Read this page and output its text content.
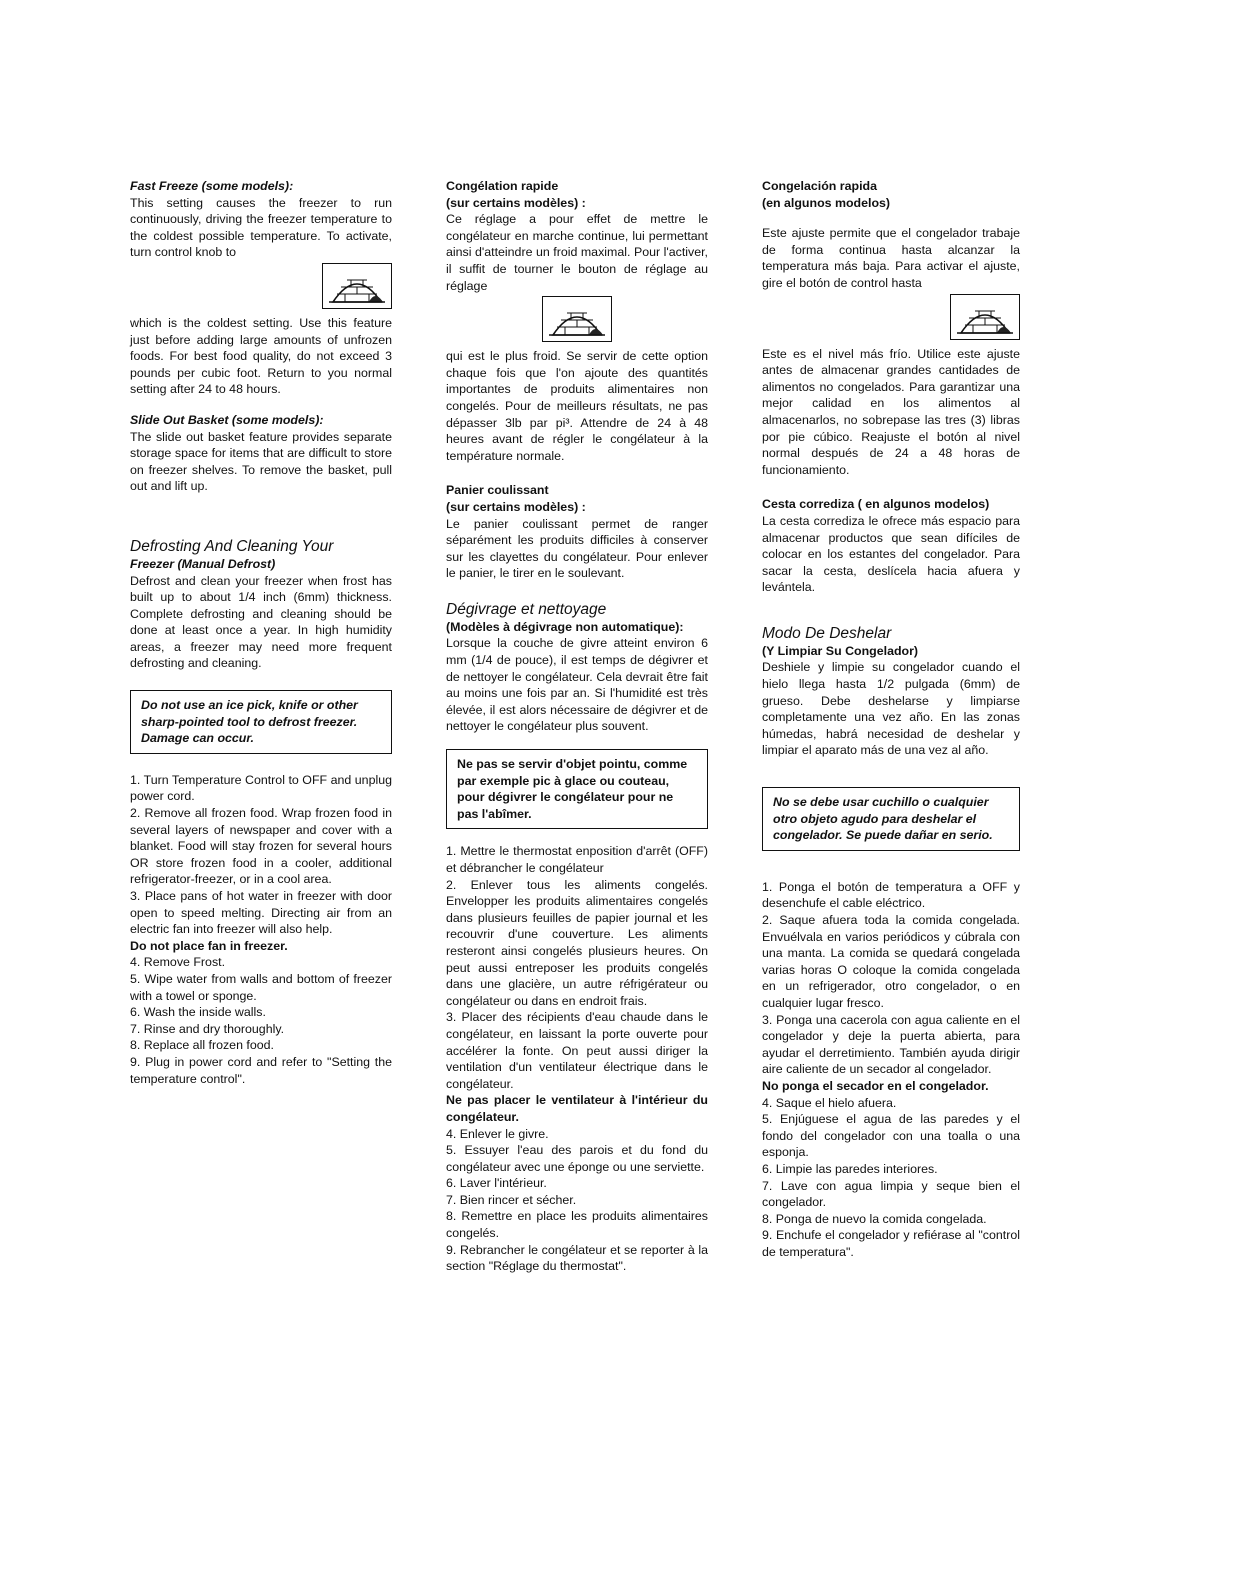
Fast Freeze (some models):

This setting causes the freezer to run continuously, driving the freezer temperature to the coldest possible temperature. To activate, turn control knob to

which is the coldest setting. Use this feature just before adding large amounts of unfrozen foods. For best food quality, do not exceed 3 pounds per cubic foot. Return to you normal setting after 24 to 48 hours.

Slide Out Basket (some models):

The slide out basket feature provides separate storage space for items that are difficult to store on freezer shelves. To remove the basket, pull out and lift up.

Defrosting And Cleaning Your
Freezer (Manual Defrost)

Defrost and clean your freezer when frost has built up to about 1/4 inch (6mm) thickness. Complete defrosting and cleaning should be done at least once a year. In high humidity areas, a freezer may need more frequent defrosting and cleaning.

Do not use an ice pick, knife or other sharp-pointed tool to defrost freezer. Damage can occur.
1. Turn Temperature Control to OFF and unplug power cord.
2. Remove all frozen food. Wrap frozen food in several layers of newspaper and cover with a blanket. Food will stay frozen for several hours OR store frozen food in a cooler, additional refrigerator-freezer, or in a cool area.
3. Place pans of hot water in freezer with door open to speed melting. Directing air from an electric fan into freezer will also help.
Do not place fan in freezer.
4. Remove Frost.
5. Wipe water from walls and bottom of freezer with a towel or sponge.
6. Wash the inside walls.
7. Rinse and dry thoroughly.
8. Replace all frozen food.
9. Plug in power cord and refer to "Setting the temperature control".
Congélation rapide
(sur certains modèles) :

Ce réglage a pour effet de mettre le congélateur en marche continue, lui permettant ainsi d'atteindre un froid maximal. Pour l'activer, il suffit de tourner le bouton de réglage au réglage

qui est le plus froid. Se servir de cette option chaque fois que l'on ajoute des quantités importantes de produits alimentaires non congelés. Pour de meilleurs résultats, ne pas dépasser 3lb par pi³. Attendre de 24 à 48 heures avant de régler le congélateur à la température normale.

Panier coulissant
(sur certains modèles) :

Le panier coulissant permet de ranger séparément les produits difficiles à conserver sur les clayettes du congélateur. Pour enlever le panier, le tirer en le soulevant.

Dégivrage et nettoyage
(Modèles à dégivrage non automatique):

Lorsque la couche de givre atteint environ 6 mm (1/4 de pouce), il est temps de dégivrer et de nettoyer le congélateur. Cela devrait être fait au moins une fois par an. Si l'humidité est très élevée, il est alors nécessaire de dégivrer et de nettoyer le congélateur plus souvent.

Ne pas se servir d'objet pointu, comme par exemple pic à glace ou couteau, pour dégivrer le congélateur pour ne pas l'abîmer.
1. Mettre le thermostat enposition d'arrêt (OFF) et débrancher le congélateur
2. Enlever tous les aliments congelés. Envelopper les produits alimentaires congelés dans plusieurs feuilles de papier journal et les recouvrir d'une couverture. Les aliments resteront ainsi congelés plusieurs heures. On peut aussi entreposer les produits congelés dans une glacière, un autre réfrigérateur ou congélateur ou dans en endroit frais.
3. Placer des récipients d'eau chaude dans le congélateur, en laissant la porte ouverte pour accélérer la fonte. On peut aussi diriger la ventilation d'un ventilateur électrique dans le congélateur.
Ne pas placer le ventilateur à l'intérieur du congélateur.
4. Enlever le givre.
5. Essuyer l'eau des parois et du fond du congélateur avec une éponge ou une serviette.
6. Laver l'intérieur.
7. Bien rincer et sécher.
8. Remettre en place les produits alimentaires congelés.
9. Rebrancher le congélateur et se reporter à la section "Réglage du thermostat".
Congelación rapida
(en algunos modelos)

Este ajuste permite que el congelador trabaje de forma continua hasta alcanzar la temperatura más baja. Para activar el ajuste, gire el botón de control hasta

Este es el nivel más frío. Utilice este ajuste antes de almacenar grandes cantidades de alimentos no congelados. Para garantizar una mejor calidad en los alimentos al almacenarlos, no sobrepase las tres (3) libras por pie cúbico. Reajuste el botón al nivel normal después de 24 a 48 horas de funcionamiento.

Cesta corrediza ( en algunos modelos)

La cesta corrediza le ofrece más espacio para almacenar productos que sean difíciles de colocar en los estantes del congelador. Para sacar la cesta, deslícela hacia afuera y levántela.

Modo De Deshelar
(Y Limpiar Su Congelador)

Deshiele y limpie su congelador cuando el hielo llega hasta 1/2 pulgada (6mm) de grueso. Debe deshelarse y limpiarse completamente una vez año. En las zonas húmedas, habrá necesidad de deshelar y limpiar el aparato más de una vez al año.

No se debe usar cuchillo o cualquier otro objeto agudo para deshelar el congelador. Se puede dañar en serio.
1. Ponga el botón de temperatura a OFF y desenchufe el cable eléctrico.
2. Saque afuera toda la comida congelada. Envuélvala en varios periódicos y cúbrala con una manta. La comida se quedará congelada varias horas O coloque la comida congelada en un refrigerador, otro congelador, o en cualquier lugar fresco.
3. Ponga una cacerola con agua caliente en el congelador y deje la puerta abierta, para ayudar el derretimiento. También ayuda dirigir aire caliente de un secador al congelador.
No ponga el secador en el congelador.
4. Saque el hielo afuera.
5. Enjúguese el agua de las paredes y el fondo del congelador con una toalla o una esponja.
6. Limpie las paredes interiores.
7. Lave con agua limpia y seque bien el congelador.
8. Ponga de nuevo la comida congelada.
9. Enchufe el congelador y refiérase al "control de temperatura".
